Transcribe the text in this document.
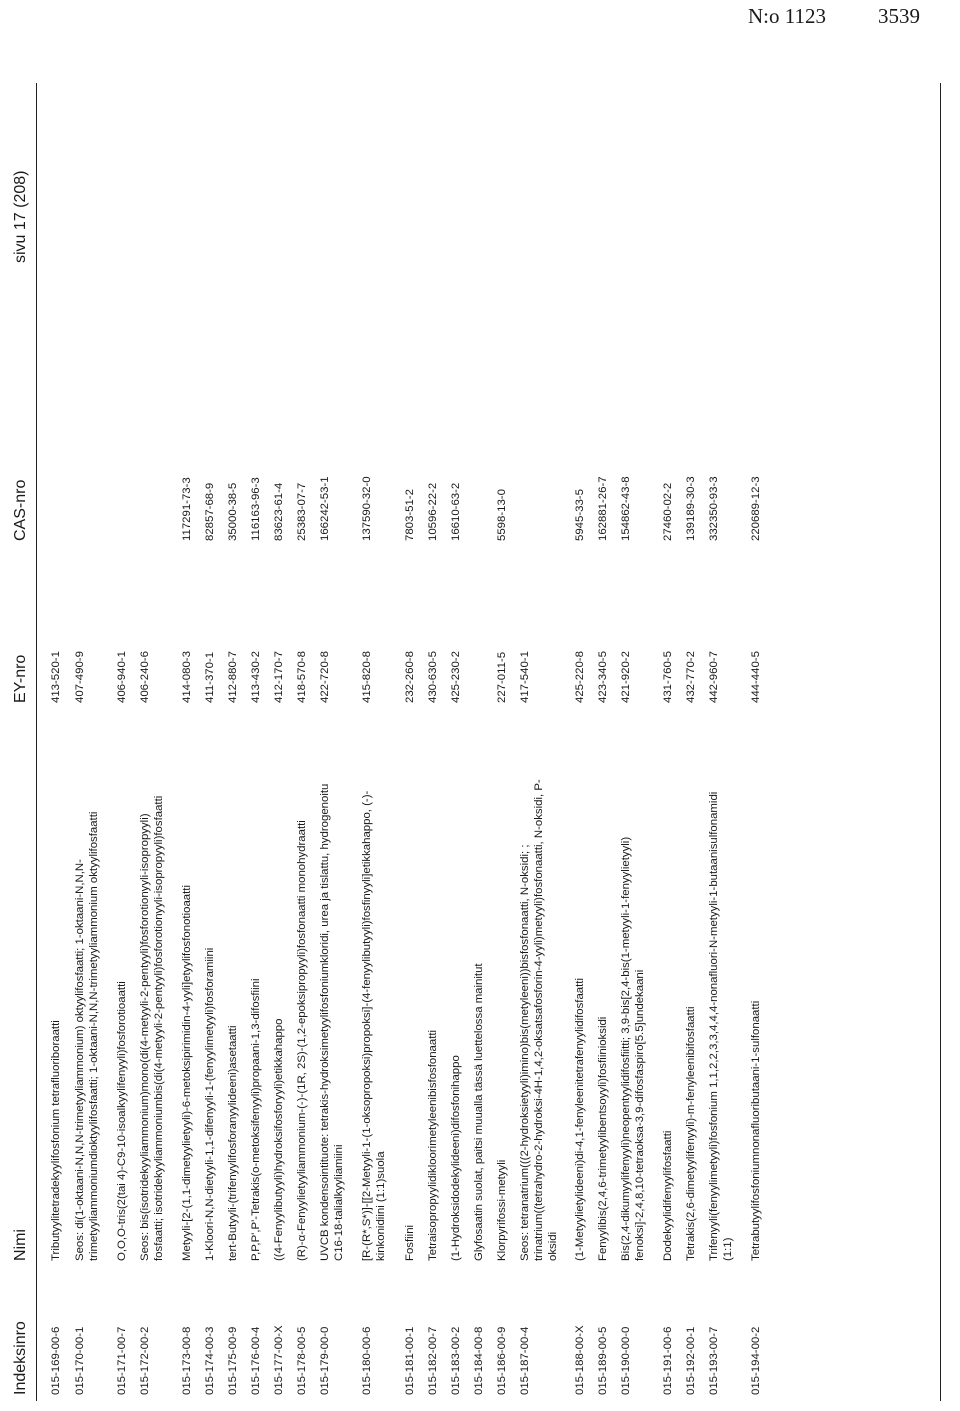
N:o 1123 3539
Indeksinro
Nimi
EY-nro
CAS-nro
sivu 17 (208)
015-169-00-6
Tributyylitetradekyylifosfonium tetrafluoriboraatti
413-520-1
015-170-00-1
Seos: di(1-oktaani-N,N,N-trimetyyliammonium) oktyylifosfaatti; 1-oktaani-N,N,N- trimetyyliammoniumdioktyylifosfaatti; 1-oktaani-N,N,N-trimetyyliammonium oktyylifosfaatti
407-490-9
015-171-00-7
O,O,O-tris(2(tai 4)-C9-10-isoalkyylifenyyli)fosforotioaatti
406-940-1
015-172-00-2
Seos: bis(isotridekyyliammonium)mono(di(4-metyyli-2-pentyyli)fosforotionyyli-isopropyyli) fosfaatti; isotridekyyliammoniumbis(di(4-metyyli-2-pentyyli)fosforotionyyli-isopropyyli)fosfaatti
406-240-6
015-173-00-8
Metyyli-[2-(1,1-dimetyylietyyli)-6-metoksipirimidin-4-yyli]etyylifosfonotioaatti
414-080-3
117291-73-3
015-174-00-3
1-Kloori-N,N-dietyyli-1,1-difenyyli-1-(fenyylimetyyli)fosforamiini
411-370-1
82857-68-9
015-175-00-9
tert-Butyyli-(trifenyylifosforanyylideeni)asetaatti
412-880-7
35000-38-5
015-176-00-4
P,P,P',P'-Tetrakis(o-metoksifenyyli)propaani-1,3-difosfiini
413-430-2
116163-96-3
015-177-00-X
((4-Fenyylibutyyli)hydroksifosforyyli)etikkahappo
412-170-7
83623-61-4
015-178-00-5
(R)-α-Fenyylietyyliammonium-(-)-(1R, 2S)-(1,2-epoksipropyyli)fosfonaatti monohydraatti
418-570-8
25383-07-7
015-179-00-0
UVCB kondensointituote: tetrakis-hydroksimetyylifosfoniumkloridi, urea ja tislattu, hydrogenoitu C16-18-talialkyyliamiini
422-720-8
166242-53-1
015-180-00-6
[R-(R*,S*)]-[[2-Metyyli-1-(1-oksopropoksi)propoksi]-(4-fenyylibutyyli)fosfinyyli]etikkahappo, (-)- kinkonidiini (1:1)suola
415-820-8
137590-32-0
015-181-00-1
Fosfiini
232-260-8
7803-51-2
015-182-00-7
Tetraisopropyylidikloorimetyleenibisfosfonaatti
430-630-5
10596-22-2
015-183-00-2
(1-Hydroksidodekylideeni)difosfonihappo
425-230-2
16610-63-2
015-184-00-8
Glyfosaatin suolat, paitsi muualla tässä luettelossa mainitut
015-186-00-9
Klorpyrifossi-metyyli
227-011-5
5598-13-0
015-187-00-4
Seos: tetranatrium(((2-hydroksietyyli)imino)bis(metyleeni))bisfosfonaatti, N-oksidi; ; trinatrium((tetrahydro-2-hydroksi-4H-1,4,2-oksatsafosforin-4-yyli)metyyli)fosfonaatti, N-oksidi, P- oksidi
417-540-1
015-188-00-X
(1-Metyylietylideeni)di-4,1-fenyleenitetrafenyylidifosfaatti
425-220-8
5945-33-5
015-189-00-5
Fenyylibis(2,4,6-trimetyylibentsoyyli)fosfiinioksidi
423-340-5
162881-26-7
015-190-00-0
Bis(2,4-dikumyylifenyyli)neopentyylidifosfiitti; 3,9-bis[2,4-bis(1-metyyli-1-fenyylietyyli) fenoksi]-2,4,8,10-tetraoksa-3,9-difosfaspiro[5.5]undekaani
421-920-2
154862-43-8
015-191-00-6
Dodekyylidifenyylifosfaatti
431-760-5
27460-02-2
015-192-00-1
Tetrakis(2,6-dimetyylifenyyli)-m-fenyleenibifosfaatti
432-770-2
139189-30-3
015-193-00-7
Trifenyyli(fenyylimetyyli)fosfonium 1,1,2,2,3,3,4,4,4-nonafluori-N-metyyli-1-butaanisulfonamidi (1:1)
442-960-7
332350-93-3
015-194-00-2
Tetrabutyylifosfoniumnonafluoributaani-1-sulfonaatti
444-440-5
220689-12-3
